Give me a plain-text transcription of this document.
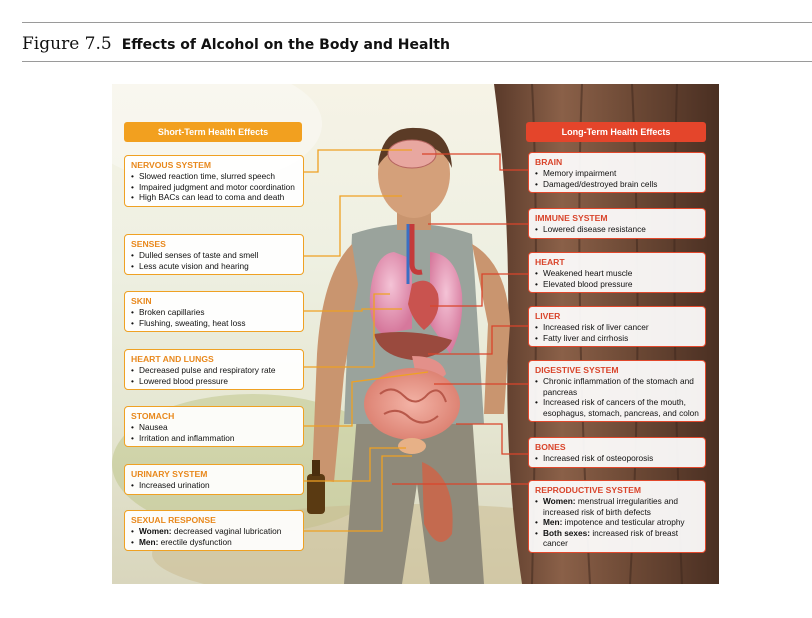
Figure 7.5 Effects of Alcohol on the Body and Health
Short-Term Health Effects	Long-Term Health Effects
NERVOUS SYSTEM
• Slowed reaction time, slurred speech
• Impaired judgment and motor coordination
• High BACs can lead to coma and death
SENSES
• Dulled senses of taste and smell
• Less acute vision and hearing
SKIN
• Broken capillaries
• Flushing, sweating, heat loss
HEART AND LUNGS
• Decreased pulse and respiratory rate
• Lowered blood pressure
STOMACH
• Nausea
• Irritation and inflammation
URINARY SYSTEM
• Increased urination
SEXUAL RESPONSE
• Women: decreased vaginal lubrication
• Men: erectile dysfunction
BRAIN
• Memory impairment
• Damaged/destroyed brain cells
IMMUNE SYSTEM
• Lowered disease resistance
HEART
• Weakened heart muscle
• Elevated blood pressure
LIVER
• Increased risk of liver cancer
• Fatty liver and cirrhosis
DIGESTIVE SYSTEM
• Chronic inflammation of the stomach and pancreas
• Increased risk of cancers of the mouth, esophagus, stomach, pancreas, and colon
BONES
• Increased risk of osteoporosis
REPRODUCTIVE SYSTEM
• Women: menstrual irregularities and increased risk of birth defects
• Men: impotence and testicular atrophy
• Both sexes: increased risk of breast cancer
